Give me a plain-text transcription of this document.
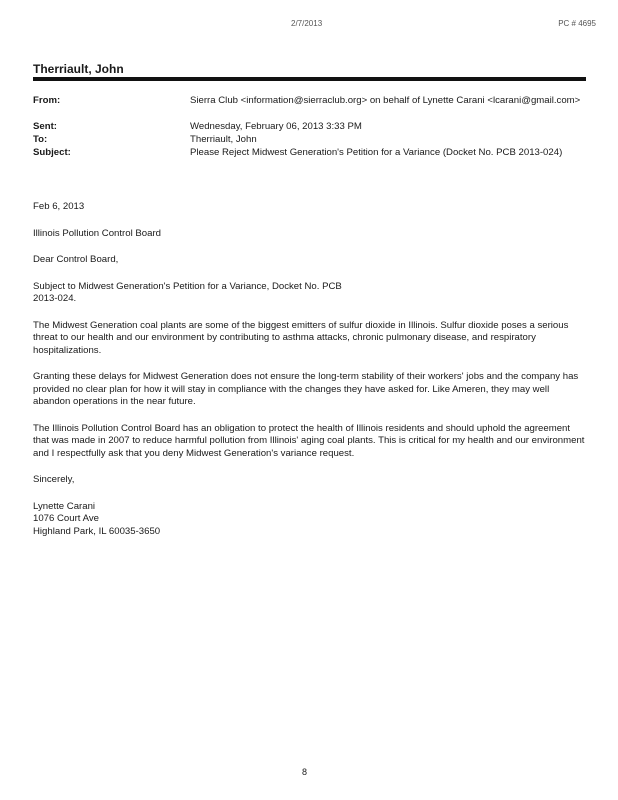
2/7/2013	PC # 4695
Therriault, John
From:	Sierra Club <information@sierraclub.org> on behalf of Lynette Carani <lcarani@gmail.com>
Sent:	Wednesday, February 06, 2013 3:33 PM
To:	Therriault, John
Subject:	Please Reject Midwest Generation's Petition for a Variance (Docket No. PCB 2013-024)

Feb 6, 2013

Illinois Pollution Control Board

Dear Control Board,

Subject to Midwest Generation's Petition for a Variance, Docket No. PCB 2013-024.

The Midwest Generation coal plants are some of the biggest emitters of sulfur dioxide in Illinois. Sulfur dioxide poses a serious threat to our health and our environment by contributing to asthma attacks, chronic pulmonary disease, and respiratory hospitalizations.

Granting these delays for Midwest Generation does not ensure the long-term stability of their workers' jobs and the company has provided no clear plan for how it will stay in compliance with the changes they have asked for. Like Ameren, they may well abandon operations in the near future.

The Illinois Pollution Control Board has an obligation to protect the health of Illinois residents and should uphold the agreement that was made in 2007 to reduce harmful pollution from Illinois' aging coal plants. This is critical for my health and our environment and I respectfully ask that you deny Midwest Generation's variance request.

Sincerely,

Lynette Carani
1076 Court Ave
Highland Park, IL 60035-3650
8
